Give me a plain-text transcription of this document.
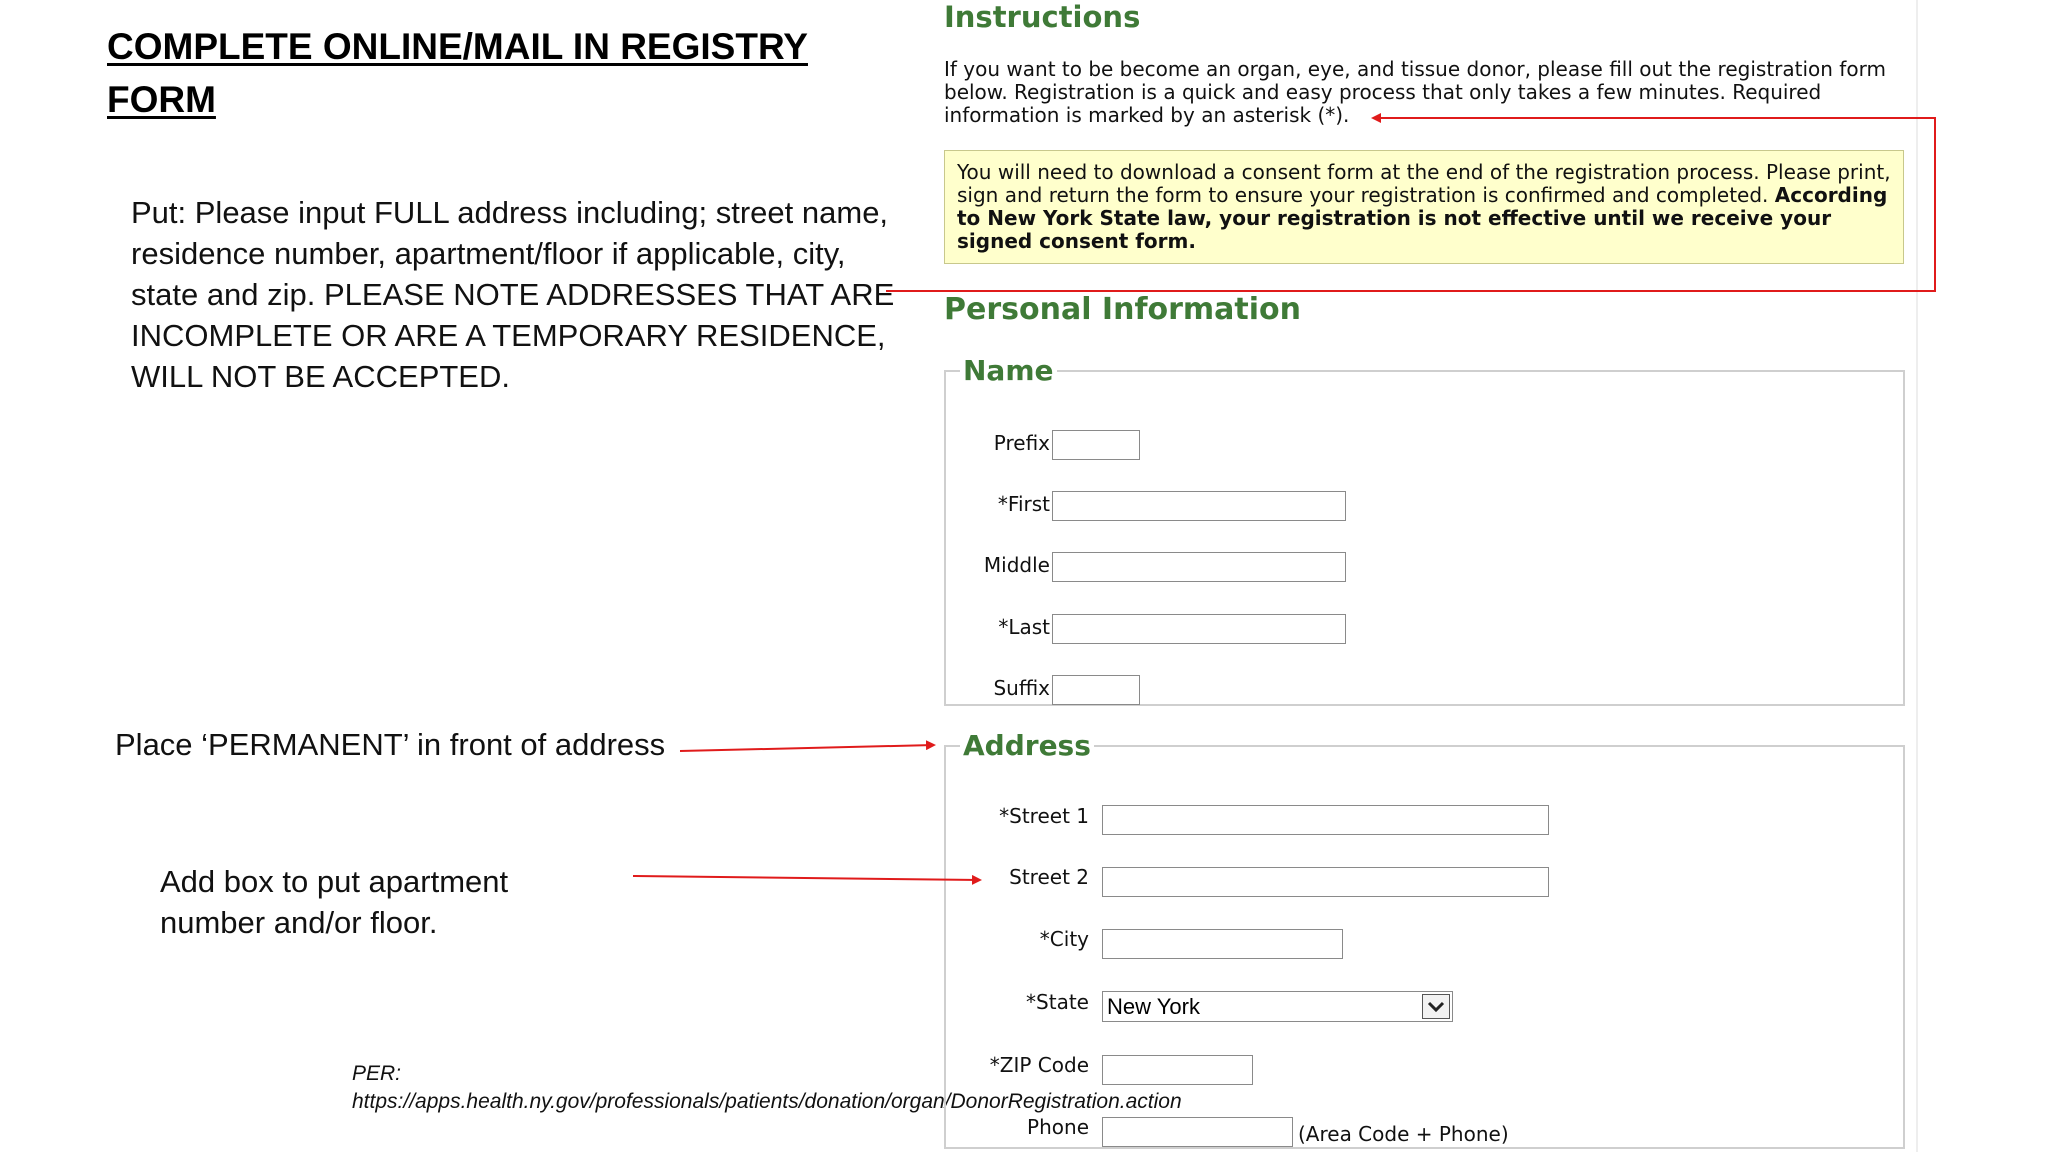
COMPLETE ONLINE/MAIL IN REGISTRY FORM
Put: Please input FULL address including; street name, residence number, apartment/floor if applicable, city, state and zip. PLEASE NOTE ADDRESSES THAT ARE INCOMPLETE OR ARE A TEMPORARY RESIDENCE, WILL NOT BE ACCEPTED.
Place ‘PERMANENT’ in front of address
Add box to put apartment number and/or floor.
PER: https://apps.health.ny.gov/professionals/patients/donation/organ/DonorRegistration.action
Instructions
If you want to be become an organ, eye, and tissue donor, please fill out the registration form below. Registration is a quick and easy process that only takes a few minutes. Required information is marked by an asterisk (*).
You will need to download a consent form at the end of the registration process. Please print, sign and return the form to ensure your registration is confirmed and completed. According to New York State law, your registration is not effective until we receive your signed consent form.
Personal Information
Name
Prefix
*First
Middle
*Last
Suffix
Address
*Street 1
Street 2
*City
*State New York
*ZIP Code
Phone	(Area Code + Phone)
